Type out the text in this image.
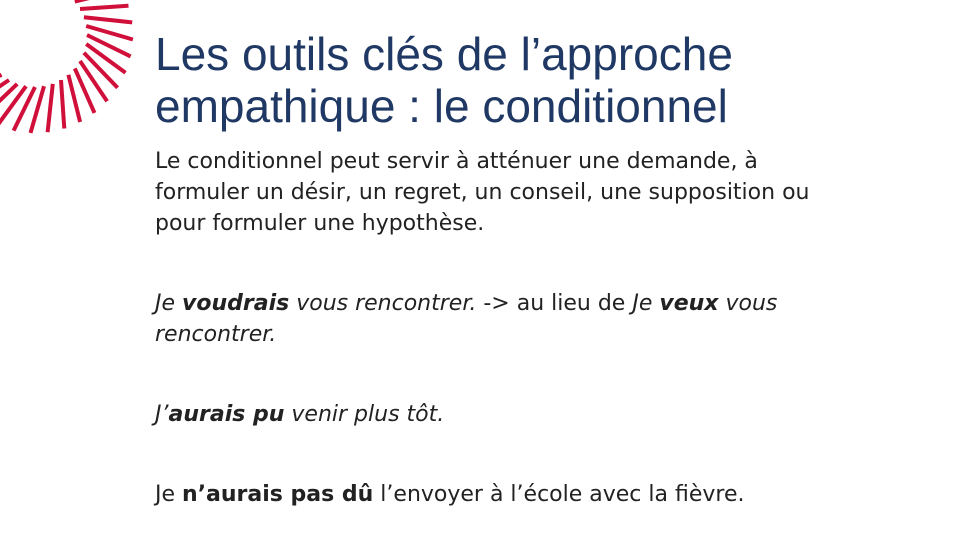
Les outils clés de l’approche
empathique : le conditionnel

Le conditionnel peut servir à atténuer une demande, à
formuler un désir, un regret, un conseil, une supposition ou
pour formuler une hypothèse.

Je voudrais vous rencontrer. -> au lieu de Je veux vous
rencontrer.

J’aurais pu venir plus tôt.

Je n’aurais pas dû l’envoyer à l’école avec la fièvre.
